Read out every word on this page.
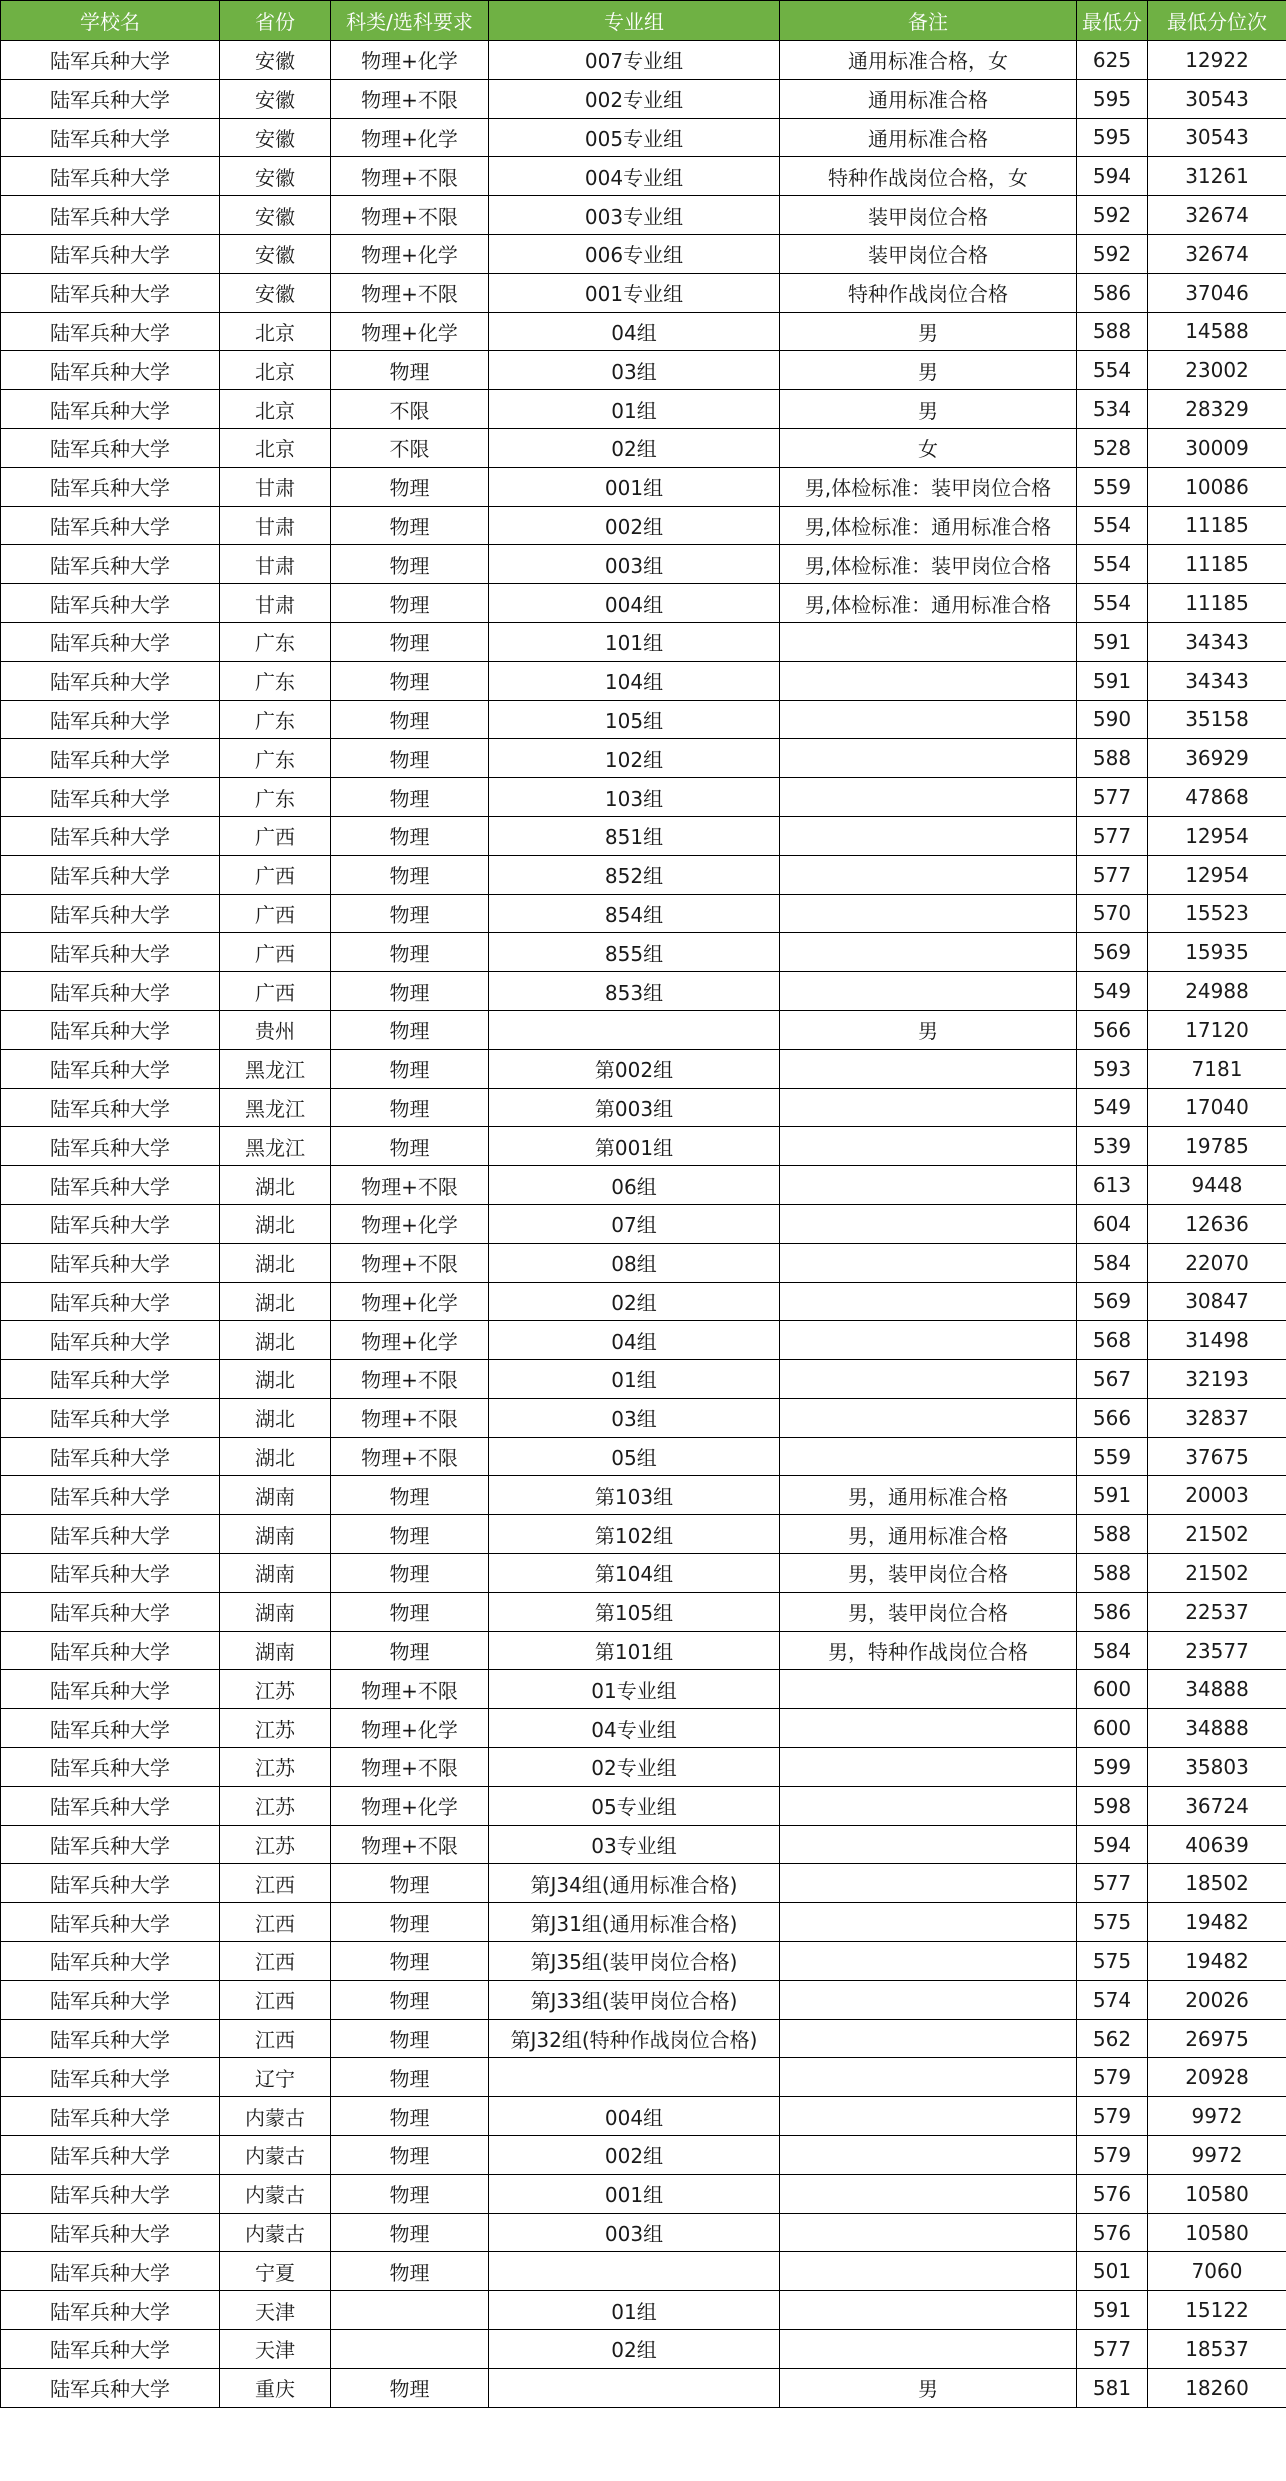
学校名	省份	科类/选科要求	专业组	备注	最低分	最低分位次
陆军兵种大学	安徽	物理+化学	007专业组	通用标准合格，女	625	12922
陆军兵种大学	安徽	物理+不限	002专业组	通用标准合格	595	30543
陆军兵种大学	安徽	物理+化学	005专业组	通用标准合格	595	30543
陆军兵种大学	安徽	物理+不限	004专业组	特种作战岗位合格，女	594	31261
陆军兵种大学	安徽	物理+不限	003专业组	装甲岗位合格	592	32674
陆军兵种大学	安徽	物理+化学	006专业组	装甲岗位合格	592	32674
陆军兵种大学	安徽	物理+不限	001专业组	特种作战岗位合格	586	37046
陆军兵种大学	北京	物理+化学	04组	男	588	14588
陆军兵种大学	北京	物理	03组	男	554	23002
陆军兵种大学	北京	不限	01组	男	534	28329
陆军兵种大学	北京	不限	02组	女	528	30009
陆军兵种大学	甘肃	物理	001组	男,体检标准：装甲岗位合格	559	10086
陆军兵种大学	甘肃	物理	002组	男,体检标准：通用标准合格	554	11185
陆军兵种大学	甘肃	物理	003组	男,体检标准：装甲岗位合格	554	11185
陆军兵种大学	甘肃	物理	004组	男,体检标准：通用标准合格	554	11185
陆军兵种大学	广东	物理	101组		591	34343
陆军兵种大学	广东	物理	104组		591	34343
陆军兵种大学	广东	物理	105组		590	35158
陆军兵种大学	广东	物理	102组		588	36929
陆军兵种大学	广东	物理	103组		577	47868
陆军兵种大学	广西	物理	851组		577	12954
陆军兵种大学	广西	物理	852组		577	12954
陆军兵种大学	广西	物理	854组		570	15523
陆军兵种大学	广西	物理	855组		569	15935
陆军兵种大学	广西	物理	853组		549	24988
陆军兵种大学	贵州	物理		男	566	17120
陆军兵种大学	黑龙江	物理	第002组		593	7181
陆军兵种大学	黑龙江	物理	第003组		549	17040
陆军兵种大学	黑龙江	物理	第001组		539	19785
陆军兵种大学	湖北	物理+不限	06组		613	9448
陆军兵种大学	湖北	物理+化学	07组		604	12636
陆军兵种大学	湖北	物理+不限	08组		584	22070
陆军兵种大学	湖北	物理+化学	02组		569	30847
陆军兵种大学	湖北	物理+化学	04组		568	31498
陆军兵种大学	湖北	物理+不限	01组		567	32193
陆军兵种大学	湖北	物理+不限	03组		566	32837
陆军兵种大学	湖北	物理+不限	05组		559	37675
陆军兵种大学	湖南	物理	第103组	男，通用标准合格	591	20003
陆军兵种大学	湖南	物理	第102组	男，通用标准合格	588	21502
陆军兵种大学	湖南	物理	第104组	男，装甲岗位合格	588	21502
陆军兵种大学	湖南	物理	第105组	男，装甲岗位合格	586	22537
陆军兵种大学	湖南	物理	第101组	男，特种作战岗位合格	584	23577
陆军兵种大学	江苏	物理+不限	01专业组		600	34888
陆军兵种大学	江苏	物理+化学	04专业组		600	34888
陆军兵种大学	江苏	物理+不限	02专业组		599	35803
陆军兵种大学	江苏	物理+化学	05专业组		598	36724
陆军兵种大学	江苏	物理+不限	03专业组		594	40639
陆军兵种大学	江西	物理	第J34组(通用标准合格)		577	18502
陆军兵种大学	江西	物理	第J31组(通用标准合格)		575	19482
陆军兵种大学	江西	物理	第J35组(装甲岗位合格)		575	19482
陆军兵种大学	江西	物理	第J33组(装甲岗位合格)		574	20026
陆军兵种大学	江西	物理	第J32组(特种作战岗位合格)		562	26975
陆军兵种大学	辽宁	物理			579	20928
陆军兵种大学	内蒙古	物理	004组		579	9972
陆军兵种大学	内蒙古	物理	002组		579	9972
陆军兵种大学	内蒙古	物理	001组		576	10580
陆军兵种大学	内蒙古	物理	003组		576	10580
陆军兵种大学	宁夏	物理			501	7060
陆军兵种大学	天津		01组		591	15122
陆军兵种大学	天津		02组		577	18537
陆军兵种大学	重庆	物理		男	581	18260
